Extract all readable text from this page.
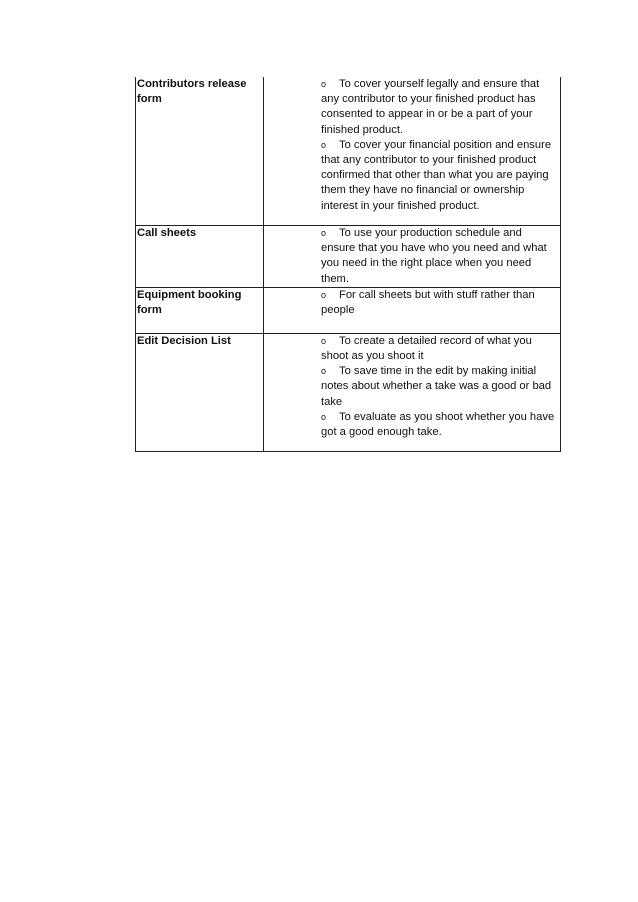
Contributors release form	o To cover yourself legally and ensure that any contributor to your finished product has consented to appear in or be a part of your finished product.
o To cover your financial position and ensure that any contributor to your finished product confirmed that other than what you are paying them they have no financial or ownership interest in your finished product.

Call sheets	o To use your production schedule and ensure that you have who you need and what you need in the right place when you need them.

Equipment booking form	o For call sheets but with stuff rather than people

Edit Decision List	o To create a detailed record of what you shoot as you shoot it
o To save time in the edit by making initial notes about whether a take was a good or bad take
o To evaluate as you shoot whether you have got a good enough take.
